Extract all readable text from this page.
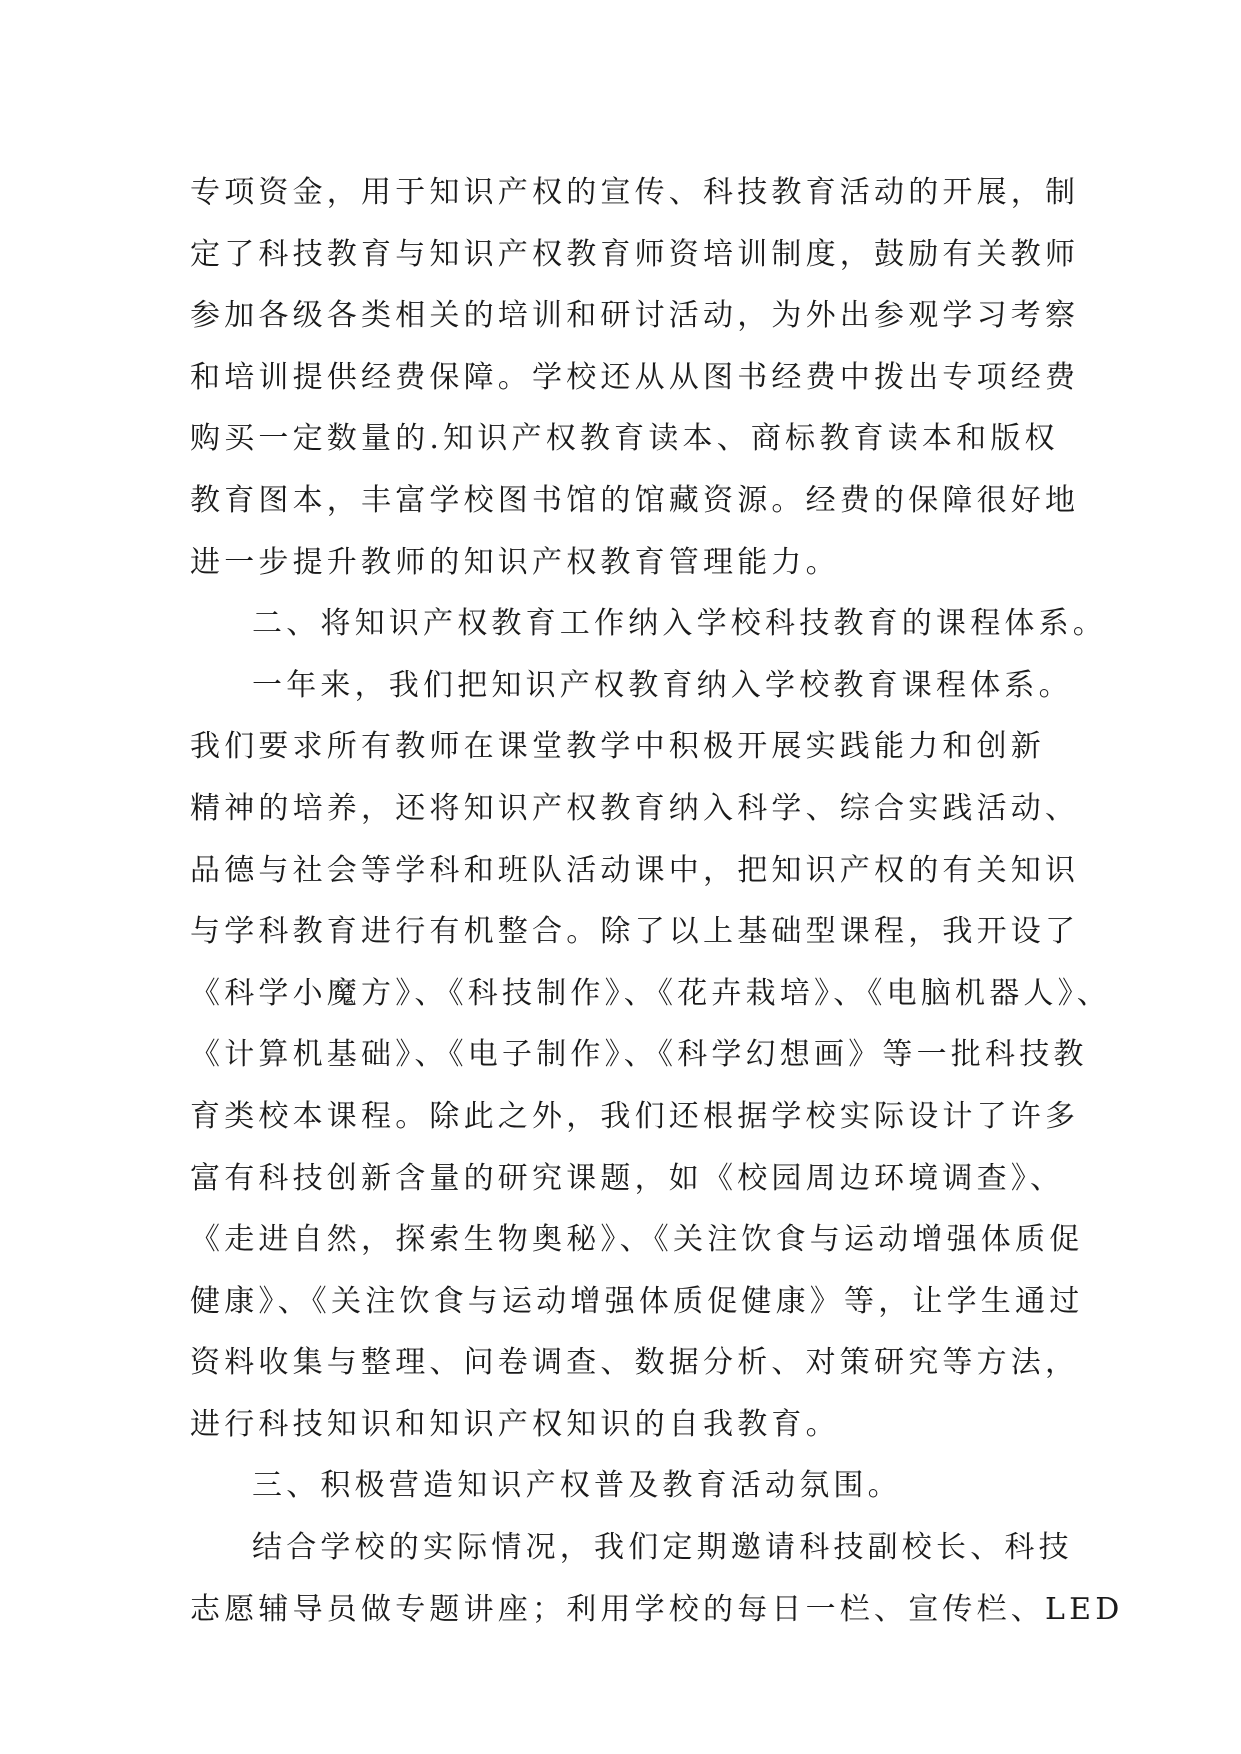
专项资金，用于知识产权的宣传、科技教育活动的开展，制
定了科技教育与知识产权教育师资培训制度，鼓励有关教师
参加各级各类相关的培训和研讨活动，为外出参观学习考察
和培训提供经费保障。学校还从从图书经费中拨出专项经费
购买一定数量的.知识产权教育读本、商标教育读本和版权
教育图本，丰富学校图书馆的馆藏资源。经费的保障很好地
进一步提升教师的知识产权教育管理能力。
二、将知识产权教育工作纳入学校科技教育的课程体系。
一年来，我们把知识产权教育纳入学校教育课程体系。
我们要求所有教师在课堂教学中积极开展实践能力和创新
精神的培养，还将知识产权教育纳入科学、综合实践活动、
品德与社会等学科和班队活动课中，把知识产权的有关知识
与学科教育进行有机整合。除了以上基础型课程，我开设了
《科学小魔方》、《科技制作》、《花卉栽培》、《电脑机器人》、
《计算机基础》、《电子制作》、《科学幻想画》等一批科技教
育类校本课程。除此之外，我们还根据学校实际设计了许多
富有科技创新含量的研究课题，如《校园周边环境调查》、
《走进自然，探索生物奥秘》、《关注饮食与运动增强体质促
健康》、《关注饮食与运动增强体质促健康》等，让学生通过
资料收集与整理、问卷调查、数据分析、对策研究等方法，
进行科技知识和知识产权知识的自我教育。
三、积极营造知识产权普及教育活动氛围。
结合学校的实际情况，我们定期邀请科技副校长、科技
志愿辅导员做专题讲座；利用学校的每日一栏、宣传栏、LED
